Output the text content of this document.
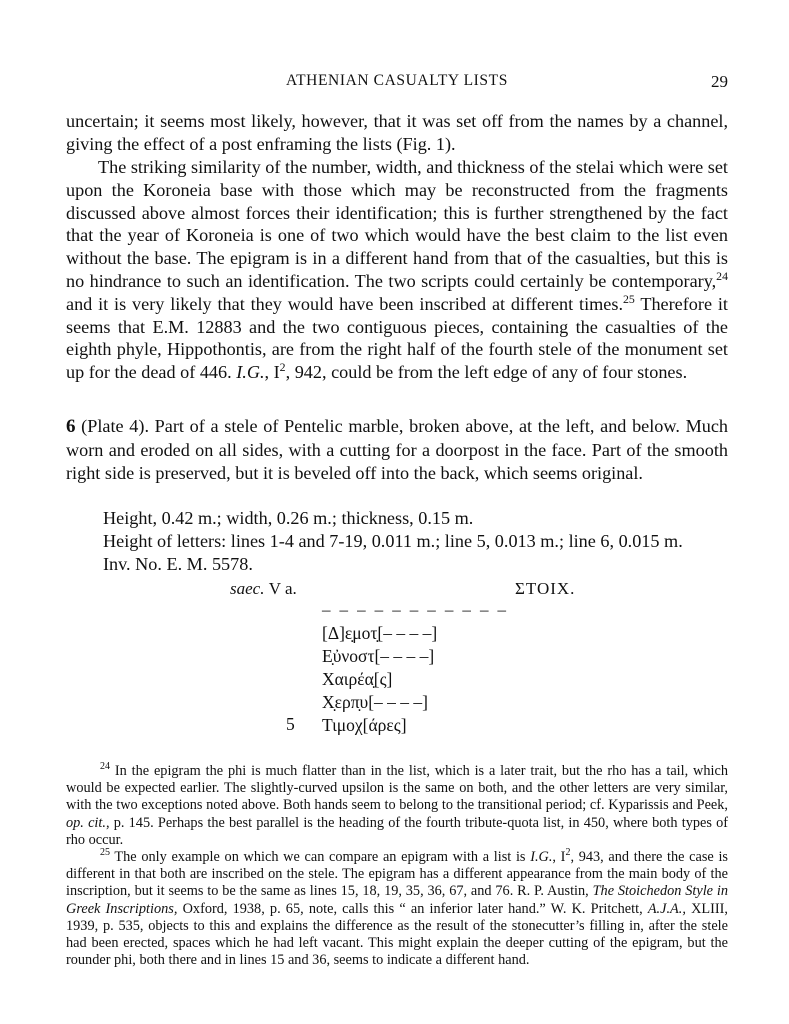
ATHENIAN CASUALTY LISTS	29

uncertain; it seems most likely, however, that it was set off from the names by a channel, giving the effect of a post enframing the lists (Fig. 1).

The striking similarity of the number, width, and thickness of the stelai which were set upon the Koroneia base with those which may be reconstructed from the fragments discussed above almost forces their identification; this is further strengthened by the fact that the year of Koroneia is one of two which would have the best claim to the list even without the base. The epigram is in a different hand from that of the casualties, but this is no hindrance to such an identification. The two scripts could certainly be contemporary,$^{24}$ and it is very likely that they would have been inscribed at different times.$^{25}$ Therefore it seems that E.M. 12883 and the two contiguous pieces, containing the casualties of the eighth phyle, Hippothontis, are from the right half of the fourth stele of the monument set up for the dead of 446. I.G., $I^2$, 942, could be from the left edge of any of four stones.

6 (Plate 4). Part of a stele of Pentelic marble, broken above, at the left, and below. Much worn and eroded on all sides, with a cutting for a doorpost in the face. Part of the smooth right side is preserved, but it is beveled off into the back, which seems original.

Height, 0.42 m.; width, 0.26 m.; thickness, 0.15 m.
Height of letters: lines 1-4 and 7-19, 0.011 m.; line 5, 0.013 m.; line 6, 0.015 m.
Inv. No. E. M. 5578.
saec. V a.	ΣTOIX.
– – – – – – – – – – –
[Δ]ε̣μοτ̣[– – – –]
Ε̣ὐνοστ[– – – –]
Χαιρέα̣[ς]
Χ̣ερπ̣υ[– – – –]
Τιμοχ[άρες]
5

$^{24}$ In the epigram the phi is much flatter than in the list, which is a later trait, but the rho has a tail, which would be expected earlier. The slightly-curved upsilon is the same on both, and the other letters are very similar, with the two exceptions noted above. Both hands seem to belong to the transitional period; cf. Kyparissis and Peek, op. cit., p. 145. Perhaps the best parallel is the heading of the fourth tribute-quota list, in 450, where both types of rho occur.

$^{25}$ The only example on which we can compare an epigram with a list is I.G., $I^2$, 943, and there the case is different in that both are inscribed on the stele. The epigram has a different appearance from the main body of the inscription, but it seems to be the same as lines 15, 18, 19, 35, 36, 67, and 76. R. P. Austin, The Stoichedon Style in Greek Inscriptions, Oxford, 1938, p. 65, note, calls this “ an inferior later hand.” W. K. Pritchett, A.J.A., XLIII, 1939, p. 535, objects to this and explains the difference as the result of the stonecutter’s filling in, after the stele had been erected, spaces which he had left vacant. This might explain the deeper cutting of the epigram, but the rounder phi, both there and in lines 15 and 36, seems to indicate a different hand.
